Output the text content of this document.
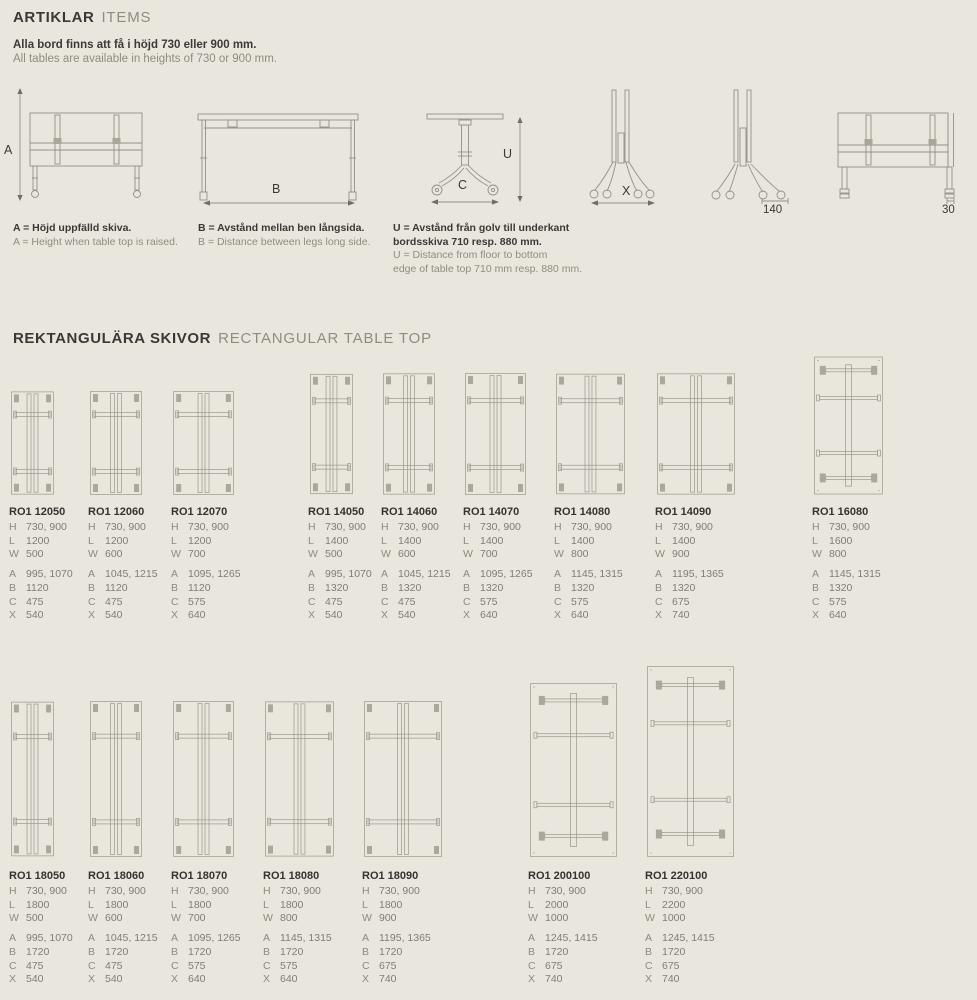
ARTIKLAR ITEMS
Alla bord finns att få i höjd 730 eller 900 mm.
All tables are available in heights of 730 or 900 mm.
A
B	C
U
X
140	30
A = Höjd uppfälld skiva.
A = Height when table top is raised.
B = Avstånd mellan ben långsida.
B = Distance between legs long side.
U = Avstånd från golv till underkant
bordsskiva 710 resp. 880 mm.
U = Distance from floor to bottom
edge of table top 710 mm resp. 880 mm.
REKTANGULÄRA SKIVOR RECTANGULAR TABLE TOP
RO1 12050
H 730, 900
L	1200
W 500
A 995, 1070
B 1120
C 475
X 540
RO1 12060
H 730, 900
L	1200
W 600
A 1045, 1215
B 1120
C 475
X 540
RO1 12070
H 730, 900
L	1200
W 700
A 1095, 1265
B 1120
C 575
X 640
RO1 14050
H 730, 900
L	1400
W 500
A 995, 1070
B 1320
C 475
X 540
RO1 14060
H 730, 900
L	1400
W 600
A 1045, 1215
B 1320
C 475
X 540
RO1 14070
H 730, 900
L	1400
W 700
A 1095, 1265
B 1320
C 575
X 640
RO1 14080
H 730, 900
L	1400
W 800
A 1145, 1315
B 1320
C 575
X 640
RO1 14090
H 730, 900
L	1400
W 900
A 1195, 1365
B 1320
C 675
X 740
RO1 16080
H 730, 900
L	1600
W 800
A 1145, 1315
B 1320
C 575
X 640
RO1 18050
H 730, 900
L	1800
W 500
A 995, 1070
B 1720
C 475
X 540
RO1 18060
H 730, 900
L	1800
W 600
A 1045, 1215
B 1720
C 475
X 540
RO1 18070
H 730, 900
L	1800
W 700
A 1095, 1265
B 1720
C 575
X 640
RO1 18080
H 730, 900
L	1800
W 800
A 1145, 1315
B 1720
C 575
X 640
RO1 18090
H 730, 900
L	1800
W 900
A 1195, 1365
B 1720
C 675
X 740
RO1 200100
H 730, 900
L	2000
W 1000
A 1245, 1415
B 1720
C 675
X 740
RO1 220100
H 730, 900
L	2200
W 1000
A 1245, 1415
B 1720
C 675
X 740
